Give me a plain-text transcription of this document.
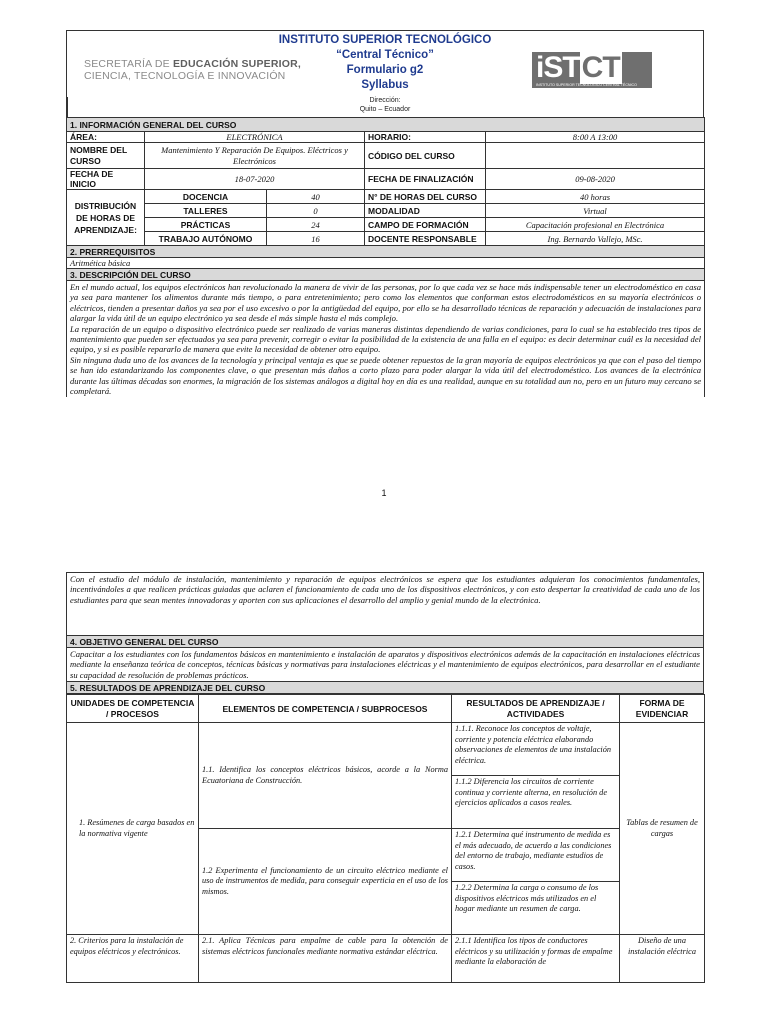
SECRETARÍA DE EDUCACIÓN SUPERIOR,
CIENCIA, TECNOLOGÍA E INNOVACIÓN
INSTITUTO SUPERIOR TECNOLÓGICO
“Central Técnico”
Formulario g2
Syllabus
Dirección:
Quito – Ecuador
iSTCT
INSTITUTO SUPERIOR TECNOLÓGICO CENTRAL TÉCNICO
1. INFORMACIÓN GENERAL DEL CURSO				
ÁREA:	ELECTRÓNICA		HORARIO:	8:00 A 13:00
NOMBRE DEL CURSO	Mantenimiento Y Reparación De Equipos. Eléctricos y Electrónicos		CÓDIGO DEL CURSO	
FECHA DE INICIO	18-07-2020		FECHA DE FINALIZACIÓN	09-08-2020
DISTRIBUCIÓN DE HORAS DE APRENDIZAJE:	DOCENCIA	40	N° DE HORAS DEL CURSO	40 horas
	TALLERES	0	MODALIDAD	Virtual
	PRÁCTICAS	24	CAMPO DE FORMACIÓN	Capacitación profesional en Electrónica
	TRABAJO AUTÓNOMO	16	DOCENTE RESPONSABLE	Ing. Bernardo Vallejo, MSc.
2. PRERREQUISITOS				
Aritmética básica				
3. DESCRIPCIÓN DEL CURSO				

En el mundo actual, los equipos electrónicos han revolucionado la manera de vivir de las personas, por lo que cada vez se hace más indispensable tener un electrodoméstico en casa ya sea para mantener los alimentos durante más tiempo, o para entretenimiento; pero como los elementos que conforman estos electrodomésticos en su mayoría electrónicos o eléctricos, tienden a presentar daños ya sea por el uso excesivo o por la antigüedad del equipo, por ello se ha desarrollado técnicas de reparación y adecuación de instalaciones para alargar la vida útil de un equipo electrónico ya sea desde el más simple hasta el más complejo.

La reparación de un equipo o dispositivo electrónico puede ser realizado de varias maneras distintas dependiendo de varias condiciones, para lo cual se ha establecido tres tipos de mantenimiento que pueden ser efectuados ya sea para prevenir, corregir o evitar la posibilidad de la existencia de una falla en el equipo: es decir determinar cuál es la necesidad del equipo, y si es posible repararlo de manera que evite la necesidad de obtener otro equipo.

Sin ninguna duda uno de los avances de la tecnología y principal ventaja es que se puede obtener repuestos de la gran mayoría de equipos electrónicos ya que con el paso del tiempo se han ido estandarizando los componentes clave, o que presentan más daños a corto plazo para poder alargar la vida útil del electrodoméstico. Los avances de la electrónica durante las últimas décadas son enormes, la migración de los sistemas análogos a digital hoy en día es una realidad, aunque en su totalidad aun no, pero en un futuro muy cercano se completará.				

1
Con el estudio del módulo de instalación, mantenimiento y reparación de equipos electrónicos se espera que los estudiantes adquieran los conocimientos fundamentales, incentivándoles a que realicen prácticas guiadas que aclaren el funcionamiento de cada uno de los dispositivos electrónicos, y con esto despertar la creatividad de cada uno de los estudiantes para que sean mentes innovadoras y aporten con sus aplicaciones el desarrollo del amplio y genial mundo de la electrónica.
4. OBJETIVO GENERAL DEL CURSO
Capacitar a los estudiantes con los fundamentos básicos en mantenimiento e instalación de aparatos y dispositivos electrónicos además de la capacitación en instalaciones eléctricas mediante la enseñanza teórica de conceptos, técnicas básicas y normativas para instalaciones eléctricas y el mantenimiento de equipos electrónicos, para desarrollar en el estudiante su capacidad de resolución de problemas prácticos.
5. RESULTADOS DE APRENDIZAJE DEL CURSO
UNIDADES DE COMPETENCIA / PROCESOS	ELEMENTOS DE COMPETENCIA / SUBPROCESOS	RESULTADOS DE APRENDIZAJE / ACTIVIDADES	FORMA DE EVIDENCIAR
1. Resúmenes de carga basados en la normativa vigente	1.1. Identifica los conceptos eléctricos básicos, acorde a la Norma Ecuatoriana de Construcción.	1.1.1. Reconoce los conceptos de voltaje, corriente y potencia eléctrica elaborando observaciones de elementos de una instalación eléctrica.	Tablas de resumen de cargas
		1.1.2 Diferencia los circuitos de corriente continua y corriente alterna, en resolución de ejercicios aplicados a casos reales.	
	1.2 Experimenta el funcionamiento de un circuito eléctrico mediante el uso de instrumentos de medida, para conseguir experticia en el uso de los mismos.	1.2.1 Determina qué instrumento de medida es el más adecuado, de acuerdo a las condiciones del entorno de trabajo, mediante estudios de casos.	
		1.2.2 Determina la carga o consumo de los dispositivos eléctricos más utilizados en el hogar mediante un resumen de carga.	
2. Criterios para la instalación de equipos eléctricos y electrónicos.	2.1. Aplica Técnicas para empalme de cable para la obtención de sistemas eléctricos funcionales mediante normativa estándar eléctrica.	2.1.1 Identifica los tipos de conductores eléctricos y su utilización y formas de empalme mediante la elaboración de	Diseño de una instalación eléctrica
